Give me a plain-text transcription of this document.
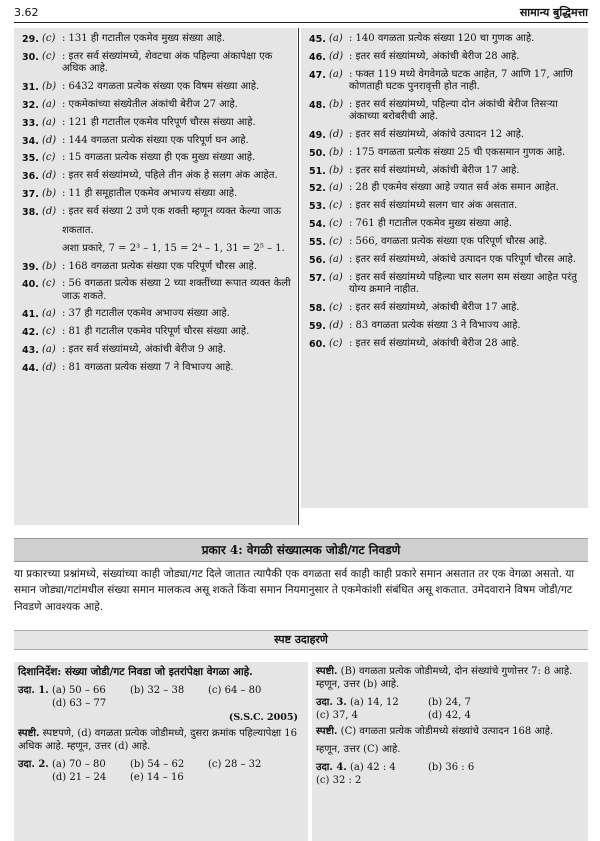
3.62	सामान्य बुद्धिमत्ता
29. (c) : 131 ही गटातील एकमेव मुख्य संख्या आहे.
30. (c) : इतर सर्व संख्यांमध्ये, शेवटचा अंक पहिल्या अंकापेक्षा एक अधिक आहे.
31. (b) : 6432 वगळता प्रत्येक संख्या एक विषम संख्या आहे.
32. (a) : एकमेकांच्या संख्येतील अंकांची बेरीज 27 आहे.
33. (a) : 121 ही गटातील एकमेव परिपूर्ण चौरस संख्या आहे.
34. (d) : 144 वगळता प्रत्येक संख्या एक परिपूर्ण घन आहे.
35. (c) : 15 वगळता प्रत्येक संख्या ही एक मुख्य संख्या आहे.
36. (d) : इतर सर्व संख्यांमध्ये, पहिले तीन अंक हे सलग अंक आहेत.
37. (b) : 11 ही समूहातील एकमेव अभाज्य संख्या आहे.
38. (d) : इतर सर्व संख्या 2 उणे एक शक्ती म्हणून व्यक्त केल्या जाऊ
शकतात.
अशा प्रकारे, 7 = 2³ – 1, 15 = 2⁴ – 1, 31 = 2⁵ – 1.
39. (b) : 168 वगळता प्रत्येक संख्या एक परिपूर्ण चौरस आहे.
40. (c) : 56 वगळता प्रत्येक संख्या 2 च्या शक्तींच्या रूपात व्यक्त केली जाऊ शकते.
41. (a) : 37 ही गटातील एकमेव अभाज्य संख्या आहे.
42. (c) : 81 ही गटातील एकमेव परिपूर्ण चौरस संख्या आहे.
43. (a) : इतर सर्व संख्यांमध्ये, अंकांची बेरीज 9 आहे.
44. (d) : 81 वगळता प्रत्येक संख्या 7 ने विभाज्य आहे.
45. (a) : 140 वगळता प्रत्येक संख्या 120 चा गुणक आहे.
46. (d) : इतर सर्व संख्यांमध्ये, अंकांची बेरीज 28 आहे.
47. (a) : फक्त 119 मध्ये वेगवेगळे घटक आहेत, 7 आणि 17, आणि कोणताही घटक पुनरावृत्ती होत नाही.
48. (b) : इतर सर्व संख्यांमध्ये, पहिल्या दोन अंकांची बेरीज तिसऱ्या अंकाच्या बरोबरीची आहे.
49. (d) : इतर सर्व संख्यांमध्ये, अंकांचे उत्पादन 12 आहे.
50. (b) : 175 वगळता प्रत्येक संख्या 25 ची एकसमान गुणक आहे.
51. (b) : इतर सर्व संख्यांमध्ये, अंकांची बेरीज 17 आहे.
52. (a) : 28 ही एकमेव संख्या आहे ज्यात सर्व अंक समान आहेत.
53. (c) : इतर सर्व संख्यांमध्ये सलग चार अंक असतात.
54. (c) : 761 ही गटातील एकमेव मुख्य संख्या आहे.
55. (c) : 566, वगळता प्रत्येक संख्या एक परिपूर्ण चौरस आहे.
56. (a) : इतर सर्व संख्यांमध्ये, अंकांचे उत्पादन एक परिपूर्ण चौरस आहे.
57. (a) : इतर सर्व संख्यांमध्ये पहिल्या चार सलग सम संख्या आहेत परंतु योग्य क्रमाने नाहीत.
58. (c) : इतर सर्व संख्यांमध्ये, अंकांची बेरीज 17 आहे.
59. (d) : 83 वगळता प्रत्येक संख्या 3 ने विभाज्य आहे.
60. (c) : इतर सर्व संख्यांमध्ये, अंकांची बेरीज 28 आहे.
प्रकार 4: वेगळी संख्यात्मक जोडी/गट निवडणे
या प्रकारच्या प्रश्नांमध्ये, संख्यांच्या काही जोड्या/गट दिले जातात त्यापैकी एक वगळता सर्व काही काही प्रकारे समान असतात तर एक वेगळा असतो. या समान जोड्या/गटांमधील संख्या समान मालकत्व असू शकते किंवा समान नियमानुसार ते एकमेकांशी संबंधित असू शकतात. उमेदवाराने विषम जोडी/गट निवडणे आवश्यक आहे.
स्पष्ट उदाहरणे
दिशानिर्देश: संख्या जोडी/गट निवडा जो इतरांपेक्षा वेगळा आहे.
उदा. 1. (a) 50 – 66	(b) 32 – 38	(c) 64 – 80
(d) 63 – 77
(S.S.C. 2005)
स्पष्टी. स्पष्टपणे, (d) वगळता प्रत्येक जोडीमध्ये, दुसरा क्रमांक पहिल्यापेक्षा 16 अधिक आहे. म्हणून, उत्तर (d) आहे.
उदा. 2. (a) 70 – 80	(b) 54 – 62	(c) 28 – 32
(d) 21 – 24	(e) 14 – 16
स्पष्टी. (B) वगळता प्रत्येक जोडीमध्ये, दोन संख्यांचे गुणोत्तर 7: 8 आहे. म्हणून, उत्तर (b) आहे.
उदा. 3. (a) 14, 12	(b) 24, 7
(c) 37, 4	(d) 42, 4
स्पष्टी. (C) वगळता प्रत्येक जोडीमध्ये संख्यांचे उत्पादन 168 आहे.
म्हणून, उत्तर (C) आहे.
उदा. 4. (a) 42 : 4	(b) 36 : 6
(c) 32 : 2
